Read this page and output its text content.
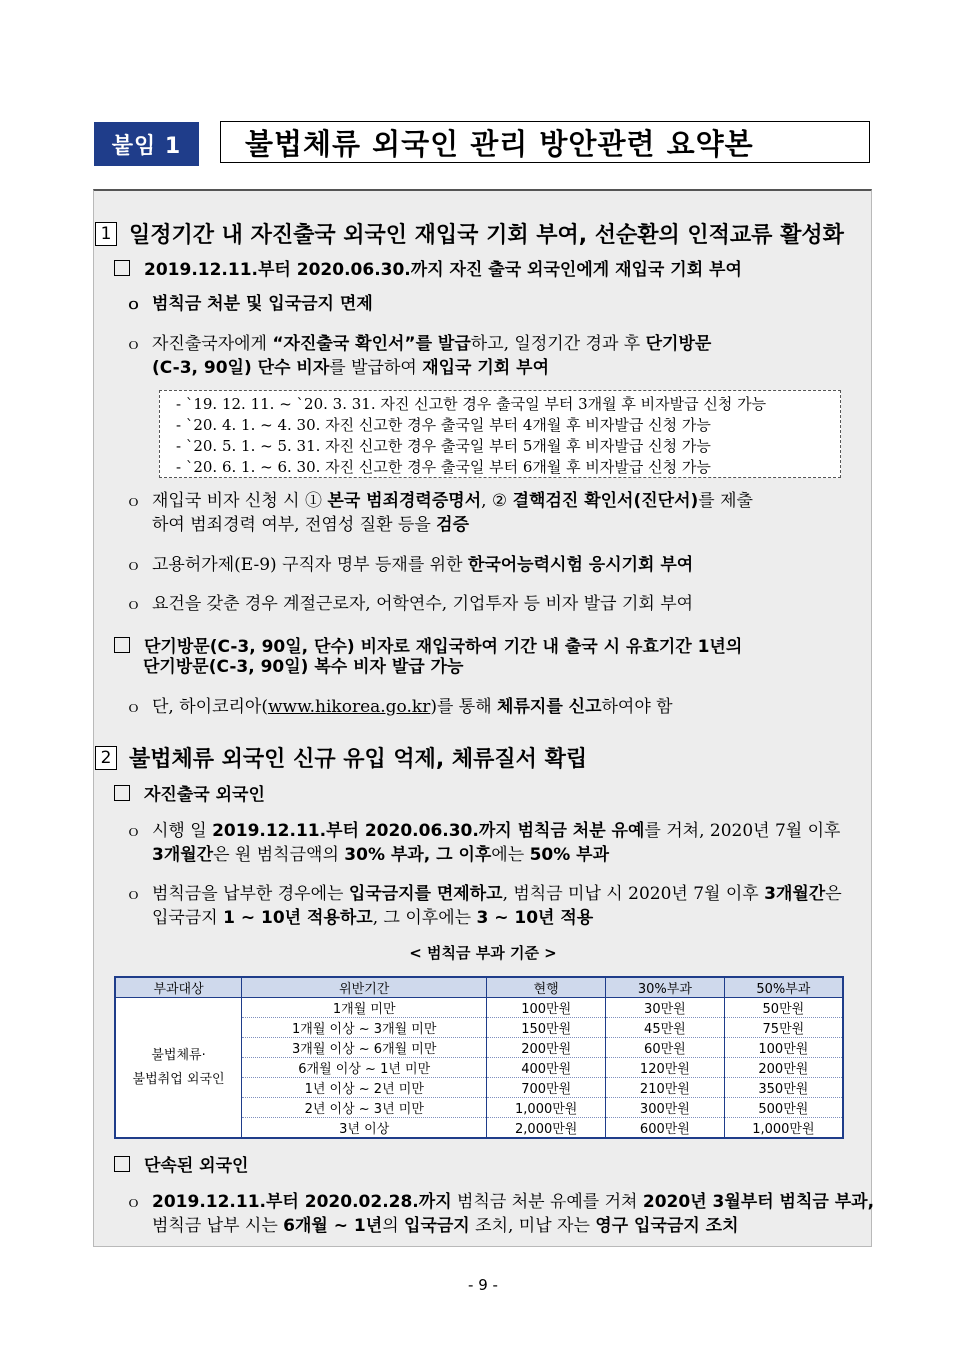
붙임 1	불법체류 외국인 관리 방안관련 요약본
1 일정기간 내 자진출국 외국인 재입국 기회 부여, 선순환의 인적교류 활성화
2019.12.11.부터 2020.06.30.까지 자진 출국 외국인에게 재입국 기회 부여
ｏ 범칙금 처분 및 입국금지 면제
ｏ 자진출국자에게 “자진출국 확인서”를 발급하고, 일정기간 경과 후 단기방문
(C-3, 90일) 단수 비자를 발급하여 재입국 기회 부여
- `19. 12. 11. ~ `20. 3. 31. 자진 신고한 경우 출국일 부터 3개월 후 비자발급 신청 가능
- `20. 4. 1. ~ 4. 30. 자진 신고한 경우 출국일 부터 4개월 후 비자발급 신청 가능
- `20. 5. 1. ~ 5. 31. 자진 신고한 경우 출국일 부터 5개월 후 비자발급 신청 가능
- `20. 6. 1. ~ 6. 30. 자진 신고한 경우 출국일 부터 6개월 후 비자발급 신청 가능
ｏ 재입국 비자 신청 시 ① 본국 범죄경력증명서, ② 결핵검진 확인서(진단서)를 제출
하여 범죄경력 여부, 전염성 질환 등을 검증
ｏ 고용허가제(E-9) 구직자 명부 등재를 위한 한국어능력시험 응시기회 부여
ｏ 요건을 갖춘 경우 계절근로자, 어학연수, 기업투자 등 비자 발급 기회 부여
단기방문(C-3, 90일, 단수) 비자로 재입국하여 기간 내 출국 시 유효기간 1년의
단기방문(C-3, 90일) 복수 비자 발급 가능
ｏ 단, 하이코리아(www.hikorea.go.kr)를 통해 체류지를 신고하여야 함
2 불법체류 외국인 신규 유입 억제, 체류질서 확립
자진출국 외국인
ｏ 시행 일 2019.12.11.부터 2020.06.30.까지 범칙금 처분 유예를 거쳐, 2020년 7월 이후
3개월간은 원 범칙금액의 30% 부과, 그 이후에는 50% 부과
ｏ 범칙금을 납부한 경우에는 입국금지를 면제하고, 범칙금 미납 시 2020년 7월 이후 3개월간은
입국금지 1 ~ 10년 적용하고, 그 이후에는 3 ~ 10년 적용
< 범칙금 부과 기준 >
부과대상	위반기간	현행	30%부과	50%부과

불법체류·
불법취업 외국인	1개월 미만	100만원	30만원	50만원
	1개월 이상 ~ 3개월 미만	150만원	45만원	75만원
	3개월 이상 ~ 6개월 미만	200만원	60만원	100만원
	6개월 이상 ~ 1년 미만	400만원	120만원	200만원
	1년 이상 ~ 2년 미만	700만원	210만원	350만원
	2년 이상 ~ 3년 미만	1,000만원	300만원	500만원
	3년 이상	2,000만원	600만원	1,000만원
단속된 외국인
ｏ 2019.12.11.부터 2020.02.28.까지 범칙금 처분 유예를 거쳐 2020년 3월부터 범칙금 부과,
범칙금 납부 시는 6개월 ~ 1년의 입국금지 조치, 미납 자는 영구 입국금지 조치
- 9 -
